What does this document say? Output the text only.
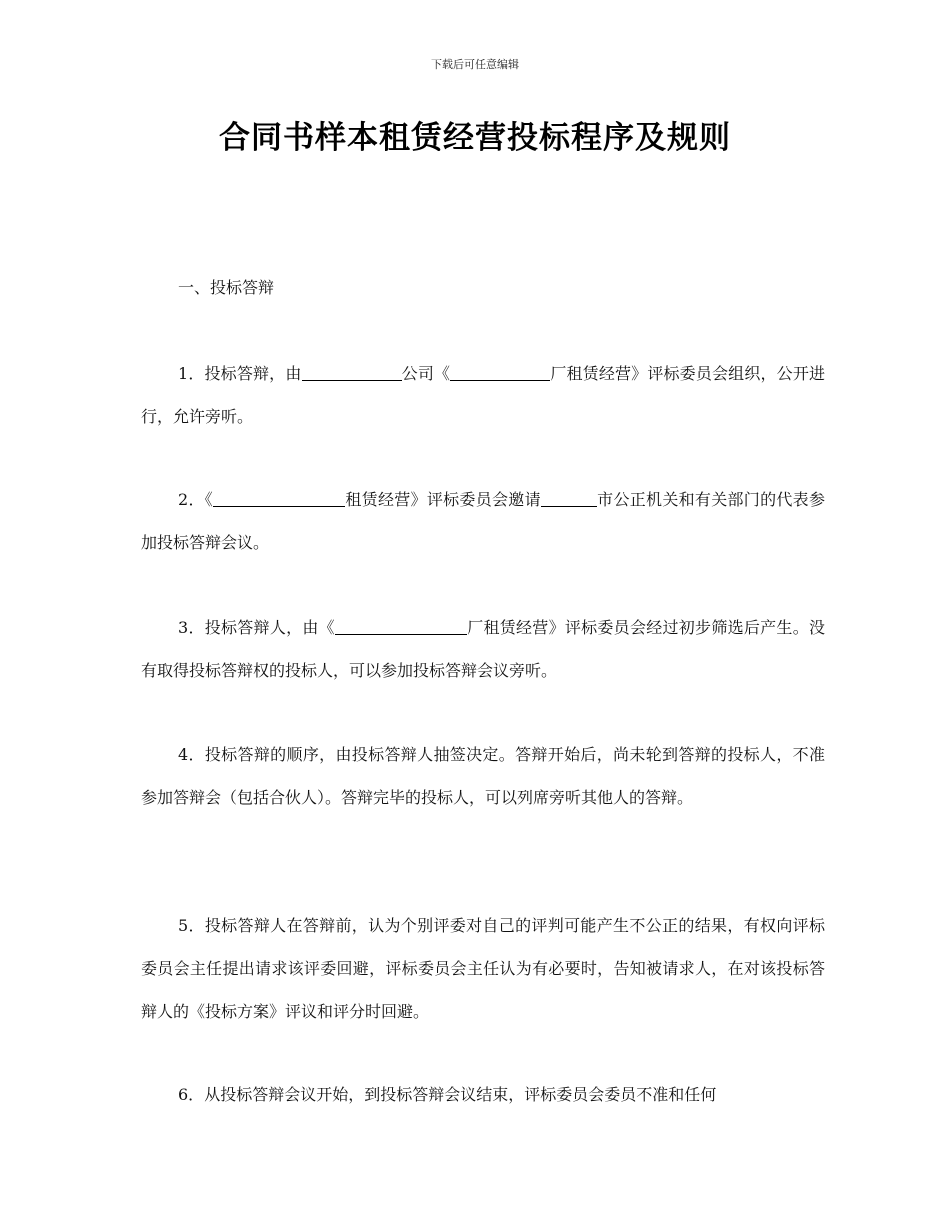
下载后可任意编辑
合同书样本租赁经营投标程序及规则

一、投标答辩

1．投标答辩，由	公司《	厂租赁经营》评标委员会组织，公开进行，允许旁听。

2．《	租赁经营》评标委员会邀请	市公正机关和有关部门的代表参加投标答辩会议。

3．投标答辩人，由《	厂租赁经营》评标委员会经过初步筛选后产生。没有取得投标答辩权的投标人，可以参加投标答辩会议旁听。

4．投标答辩的顺序，由投标答辩人抽签决定。答辩开始后，尚未轮到答辩的投标人，不准参加答辩会（包括合伙人）。答辩完毕的投标人，可以列席旁听其他人的答辩。

5．投标答辩人在答辩前，认为个别评委对自己的评判可能产生不公正的结果，有权向评标委员会主任提出请求该评委回避，评标委员会主任认为有必要时，告知被请求人，在对该投标答辩人的《投标方案》评议和评分时回避。

6．从投标答辩会议开始，到投标答辩会议结束，评标委员会委员不准和任何
